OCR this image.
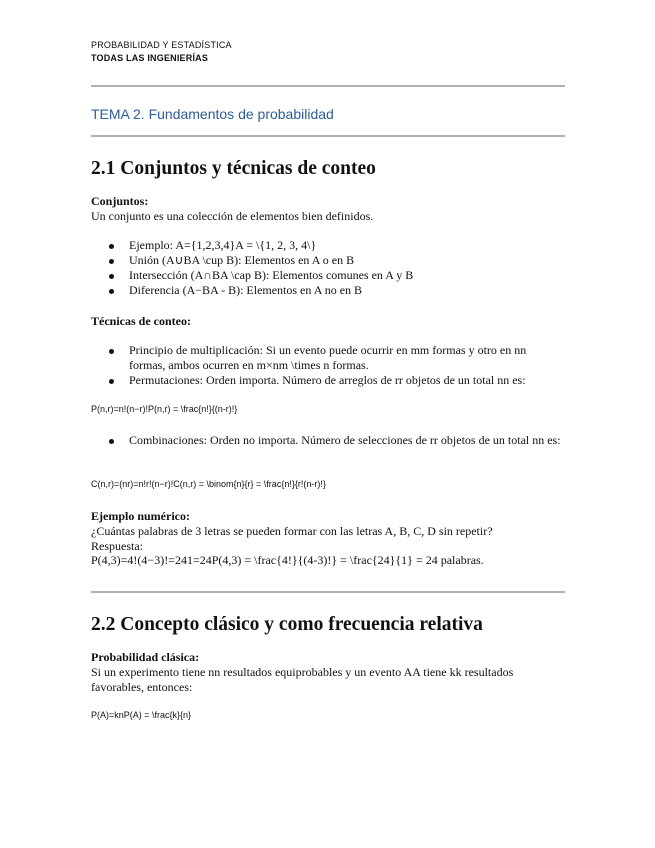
PROBABILIDAD Y ESTADÍSTICA
TODAS LAS INGENIERÍAS
TEMA 2. Fundamentos de probabilidad
2.1 Conjuntos y técnicas de conteo
Conjuntos:
Un conjunto es una colección de elementos bien definidos.
Ejemplo: A={1,2,3,4}A = \{1, 2, 3, 4\}
Unión (A∪BA \cup B): Elementos en A o en B
Intersección (A∩BA \cap B): Elementos comunes en A y B
Diferencia (A−BA - B): Elementos en A no en B
Técnicas de conteo:
Principio de multiplicación: Si un evento puede ocurrir en mm formas y otro en nn formas, ambos ocurren en m×nm \times n formas.
Permutaciones: Orden importa. Número de arreglos de rr objetos de un total nn es:
P(n,r)=n!(n−r)!P(n,r) = \frac{n!}{(n-r)!}
Combinaciones: Orden no importa. Número de selecciones de rr objetos de un total nn es:
C(n,r)=(nr)=n!r!(n−r)!C(n,r) = \binom{n}{r} = \frac{n!}{r!(n-r)!}
Ejemplo numérico:
¿Cuántas palabras de 3 letras se pueden formar con las letras A, B, C, D sin repetir?
Respuesta:
P(4,3)=4!(4−3)!=241=24P(4,3) = \frac{4!}{(4-3)!} = \frac{24}{1} = 24 palabras.
2.2 Concepto clásico y como frecuencia relativa
Probabilidad clásica:
Si un experimento tiene nn resultados equiprobables y un evento AA tiene kk resultados
favorables, entonces:
P(A)=knP(A) = \frac{k}{n}
